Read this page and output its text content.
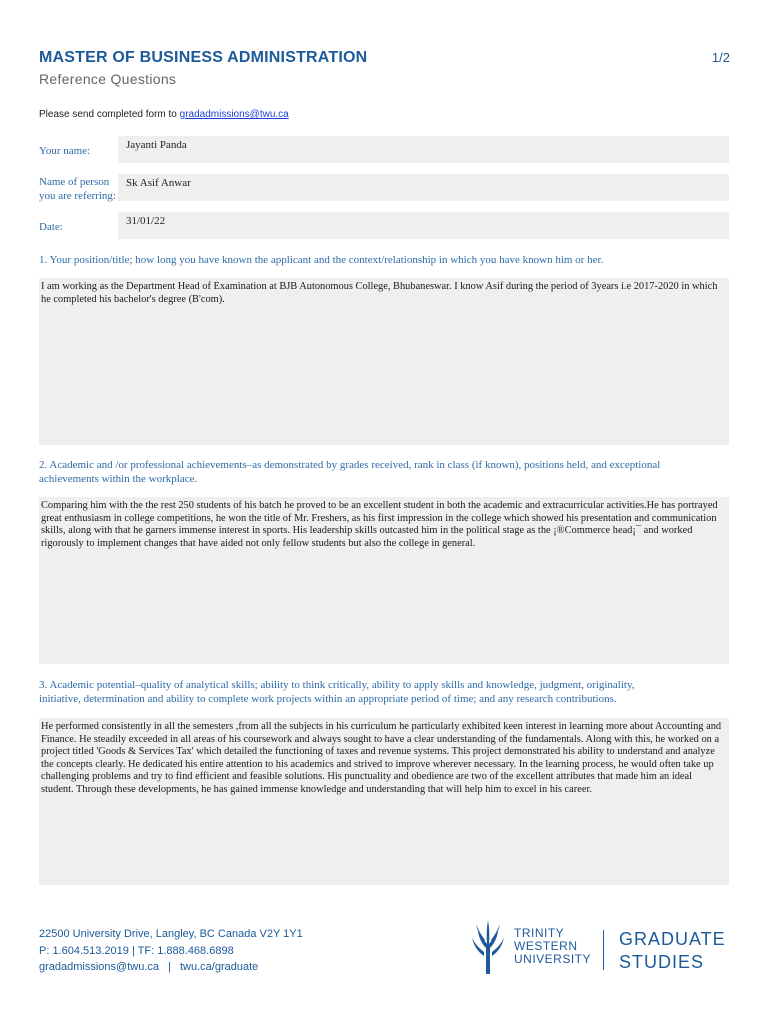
MASTER OF BUSINESS ADMINISTRATION
Reference Questions
1/2
Please send completed form to gradadmissions@twu.ca
Your name:	Jayanti Panda
Name of person
you are referring:
Sk Asif Anwar
Date:	31/01/22
1. Your position/title; how long you have known the applicant and the context/relationship in which you have known him or her.
I am working as the Department Head of Examination at BJB Autonomous College, Bhubaneswar. I know Asif during the period of 3years i.e 2017-2020 in which he completed his bachelor's degree (B'com).
2. Academic and /or professional achievements–as demonstrated by grades received, rank in class (if known), positions held, and exceptional achievements within the workplace.
Comparing him with the the rest 250 students of his batch he proved to be an excellent student in both the academic and extracurricular activities.He has portrayed great enthusiasm in college competitions, he won the title of Mr. Freshers, as his first impression in the college which showed his presentation and communication skills, along with that he garners immense interest in sports. His leadership skills outcasted him in the political stage as the ¡®Commerce head¡¯ and worked rigorously to implement changes that have aided not only fellow students but also the college in general.
3. Academic potential–quality of analytical skills; ability to think critically, ability to apply skills and knowledge, judgment, originality, initiative, determination and ability to complete work projects within an appropriate period of time; and any research contributions.
He performed consistently in all the semesters ,from all the subjects in his curriculum he particularly exhibited keen interest in learning more about Accounting and Finance. He steadily exceeded in all areas of his coursework and always sought to have a clear understanding of the fundamentals. Along with this, he worked on a project titled 'Goods & Services Tax' which detailed the functioning of taxes and revenue systems. This project demonstrated his ability to understand and analyze the concepts clearly. He dedicated his entire attention to his academics and strived to improve wherever necessary. In the learning process, he would often take up challenging problems and try to find efficient and feasible solutions. His punctuality and obedience are two of the excellent attributes that made him an ideal student. Through these developments, he has gained immense knowledge and understanding that will help him to excel in his career.
22500 University Drive, Langley, BC Canada V2Y 1Y1
P: 1.604.513.2019 | TF: 1.888.468.6898
gradadmissions@twu.ca | twu.ca/graduate
TRINITY
WESTERN
UNIVERSITY
GRADUATE
STUDIES
